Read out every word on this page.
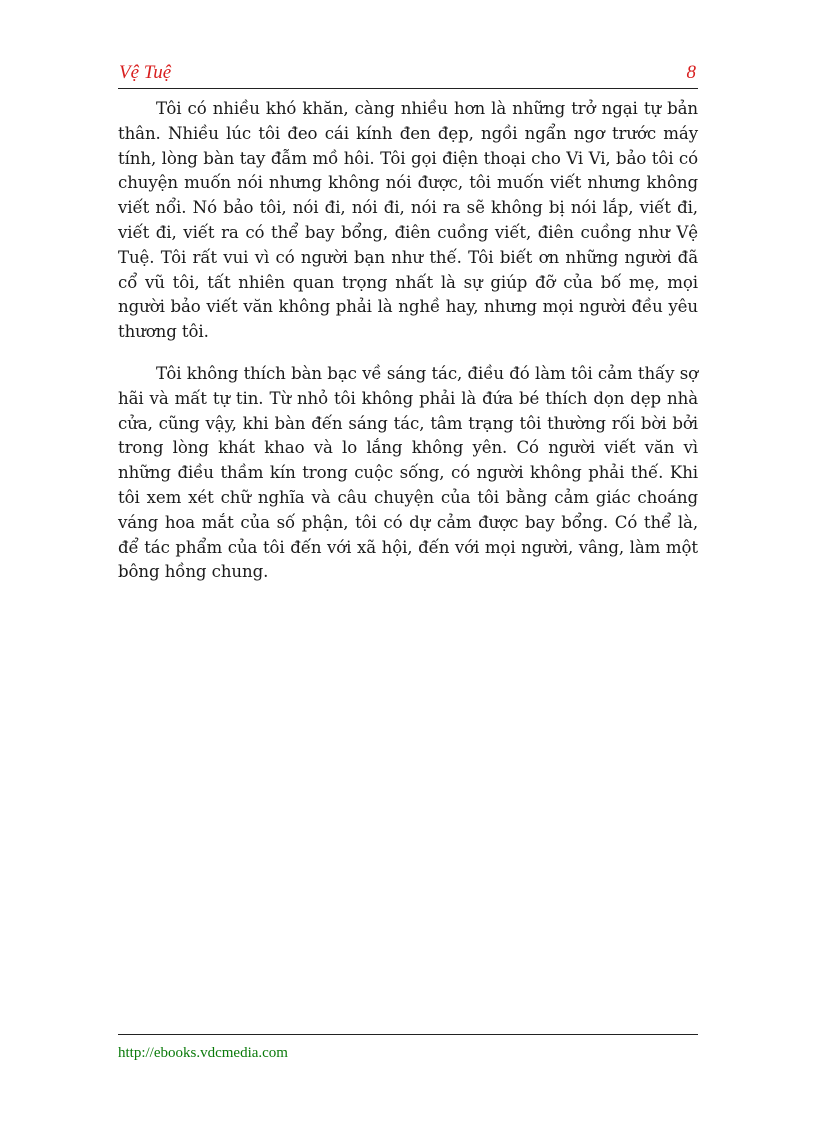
Vệ Tuệ	8

Tôi có nhiều khó khăn, càng nhiều hơn là những trở ngại tự bản thân. Nhiều lúc tôi đeo cái kính đen đẹp, ngồi ngẩn ngơ trước máy tính, lòng bàn tay đẫm mồ hôi. Tôi gọi điện thoại cho Vi Vi, bảo tôi có chuyện muốn nói nhưng không nói được, tôi muốn viết nhưng không viết nổi. Nó bảo tôi, nói đi, nói đi, nói ra sẽ không bị nói lắp, viết đi, viết đi, viết ra có thể bay bổng, điên cuồng viết, điên cuồng như Vệ Tuệ. Tôi rất vui vì có người bạn như thế. Tôi biết ơn những người đã cổ vũ tôi, tất nhiên quan trọng nhất là sự giúp đỡ của bố mẹ, mọi người bảo viết văn không phải là nghề hay, nhưng mọi người đều yêu thương tôi.

Tôi không thích bàn bạc về sáng tác, điều đó làm tôi cảm thấy sợ hãi và mất tự tin. Từ nhỏ tôi không phải là đứa bé thích dọn dẹp nhà cửa, cũng vậy, khi bàn đến sáng tác, tâm trạng tôi thường rối bời bởi trong lòng khát khao và lo lắng không yên. Có người viết văn vì những điều thầm kín trong cuộc sống, có người không phải thế. Khi tôi xem xét chữ nghĩa và câu chuyện của tôi bằng cảm giác choáng váng hoa mắt của số phận, tôi có dự cảm được bay bổng. Có thể là, để tác phẩm của tôi đến với xã hội, đến với mọi người, vâng, làm một bông hồng chung.

http://ebooks.vdcmedia.com
